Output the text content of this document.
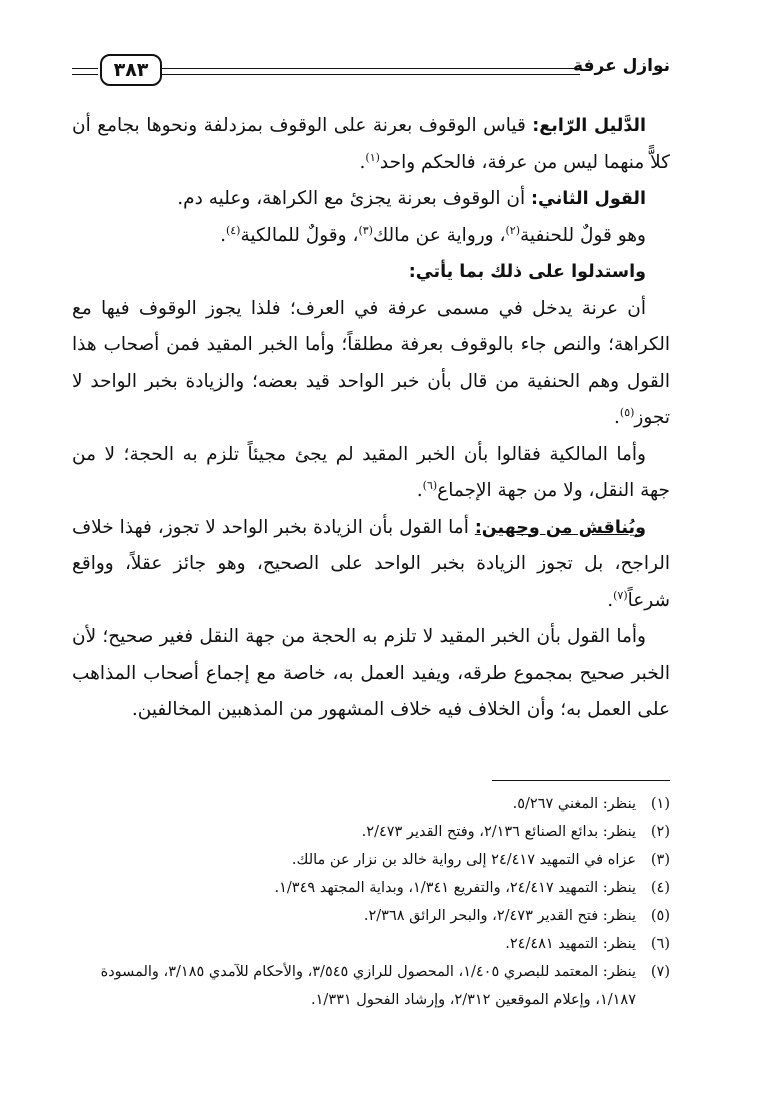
نوازل عرفة
٣٨٣

الدَّليل الرّابع: قياس الوقوف بعرنة على الوقوف بمزدلفة ونحوها بجامع أن كلاًّ منهما ليس من عرفة، فالحكم واحد$^{(١)}$.

القول الثاني: أن الوقوف بعرنة يجزئ مع الكراهة، وعليه دم.

وهو قولٌ للحنفية$^{(٢)}$، ورواية عن مالك$^{(٣)}$، وقولٌ للمالكية$^{(٤)}$.

واستدلوا على ذلك بما يأتي:

أن عرنة يدخل في مسمى عرفة في العرف؛ فلذا يجوز الوقوف فيها مع الكراهة؛ والنص جاء بالوقوف بعرفة مطلقاً؛ وأما الخبر المقيد فمن أصحاب هذا القول وهم الحنفية من قال بأن خبر الواحد قيد بعضه؛ والزيادة بخبر الواحد لا تجوز$^{(٥)}$.

وأما المالكية فقالوا بأن الخبر المقيد لم يجئ مجيئاً تلزم به الحجة؛ لا من جهة النقل، ولا من جهة الإجماع$^{(٦)}$.

ويُناقش من وجهين: أما القول بأن الزيادة بخبر الواحد لا تجوز، فهذا خلاف الراجح، بل تجوز الزيادة بخبر الواحد على الصحيح، وهو جائز عقلاً، وواقع شرعاً$^{(٧)}$.

وأما القول بأن الخبر المقيد لا تلزم به الحجة من جهة النقل فغير صحيح؛ لأن الخبر صحيح بمجموع طرقه، ويفيد العمل به، خاصة مع إجماع أصحاب المذاهب على العمل به؛ وأن الخلاف فيه خلاف المشهور من المذهبين المخالفين.

(١)
ينظر: المغني ٥/٢٦٧.
(٢)
ينظر: بدائع الصنائع ٢/١٣٦، وفتح القدير ٢/٤٧٣.
(٣)
عزاه في التمهيد ٢٤/٤١٧ إلى رواية خالد بن نزار عن مالك.
(٤)
ينظر: التمهيد ٢٤/٤١٧، والتفريع ١/٣٤١، وبداية المجتهد ١/٣٤٩.
(٥)
ينظر: فتح القدير ٢/٤٧٣، والبحر الرائق ٢/٣٦٨.
(٦)
ينظر: التمهيد ٢٤/٤٨١.
(٧)
ينظر: المعتمد للبصري ١/٤٠٥، المحصول للرازي ٣/٥٤٥، والأحكام للآمدي ٣/١٨٥، والمسودة ١/١٨٧، وإعلام الموقعين ٢/٣١٢، وإرشاد الفحول ١/٣٣١.
